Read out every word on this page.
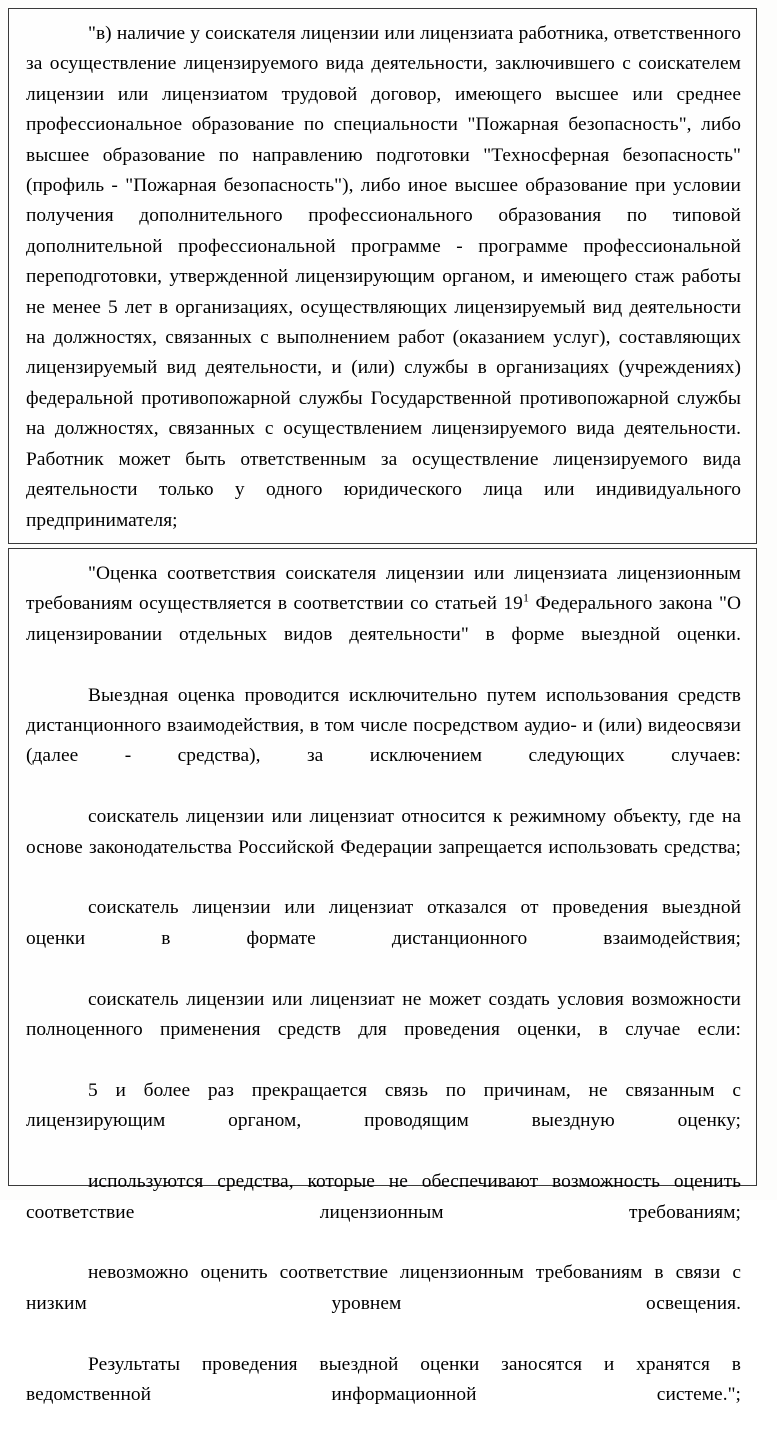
"в) наличие у соискателя лицензии или лицензиата работника, ответственного за осуществление лицензируемого вида деятельности, заключившего с соискателем лицензии или лицензиатом трудовой договор, имеющего высшее или среднее профессиональное образование по специальности "Пожарная безопасность", либо высшее образование по направлению подготовки "Техносферная безопасность" (профиль - "Пожарная безопасность"), либо иное высшее образование при условии получения дополнительного профессионального образования по типовой дополнительной профессиональной программе - программе профессиональной переподготовки, утвержденной лицензирующим органом, и имеющего стаж работы не менее 5 лет в организациях, осуществляющих лицензируемый вид деятельности на должностях, связанных с выполнением работ (оказанием услуг), составляющих лицензируемый вид деятельности, и (или) службы в организациях (учреждениях) федеральной противопожарной службы Государственной противопожарной службы на должностях, связанных с осуществлением лицензируемого вида деятельности. Работник может быть ответственным за осуществление лицензируемого вида деятельности только у одного юридического лица или индивидуального предпринимателя;

"Оценка соответствия соискателя лицензии или лицензиата лицензионным требованиям осуществляется в соответствии со статьей $19^1$ Федерального закона "О лицензировании отдельных видов деятельности" в форме выездной оценки.

Выездная оценка проводится исключительно путем использования средств дистанционного взаимодействия, в том числе посредством аудио- и (или) видеосвязи (далее - средства), за исключением следующих случаев:

соискатель лицензии или лицензиат относится к режимному объекту, где на основе законодательства Российской Федерации запрещается использовать средства;

соискатель лицензии или лицензиат отказался от проведения выездной оценки в формате дистанционного взаимодействия;

соискатель лицензии или лицензиат не может создать условия возможности полноценного применения средств для проведения оценки, в случае если:

5 и более раз прекращается связь по причинам, не связанным с лицензирующим органом, проводящим выездную оценку;

используются средства, которые не обеспечивают возможность оценить соответствие лицензионным требованиям;

невозможно оценить соответствие лицензионным требованиям в связи с низким уровнем освещения.

Результаты проведения выездной оценки заносятся и хранятся в ведомственной информационной системе.";
